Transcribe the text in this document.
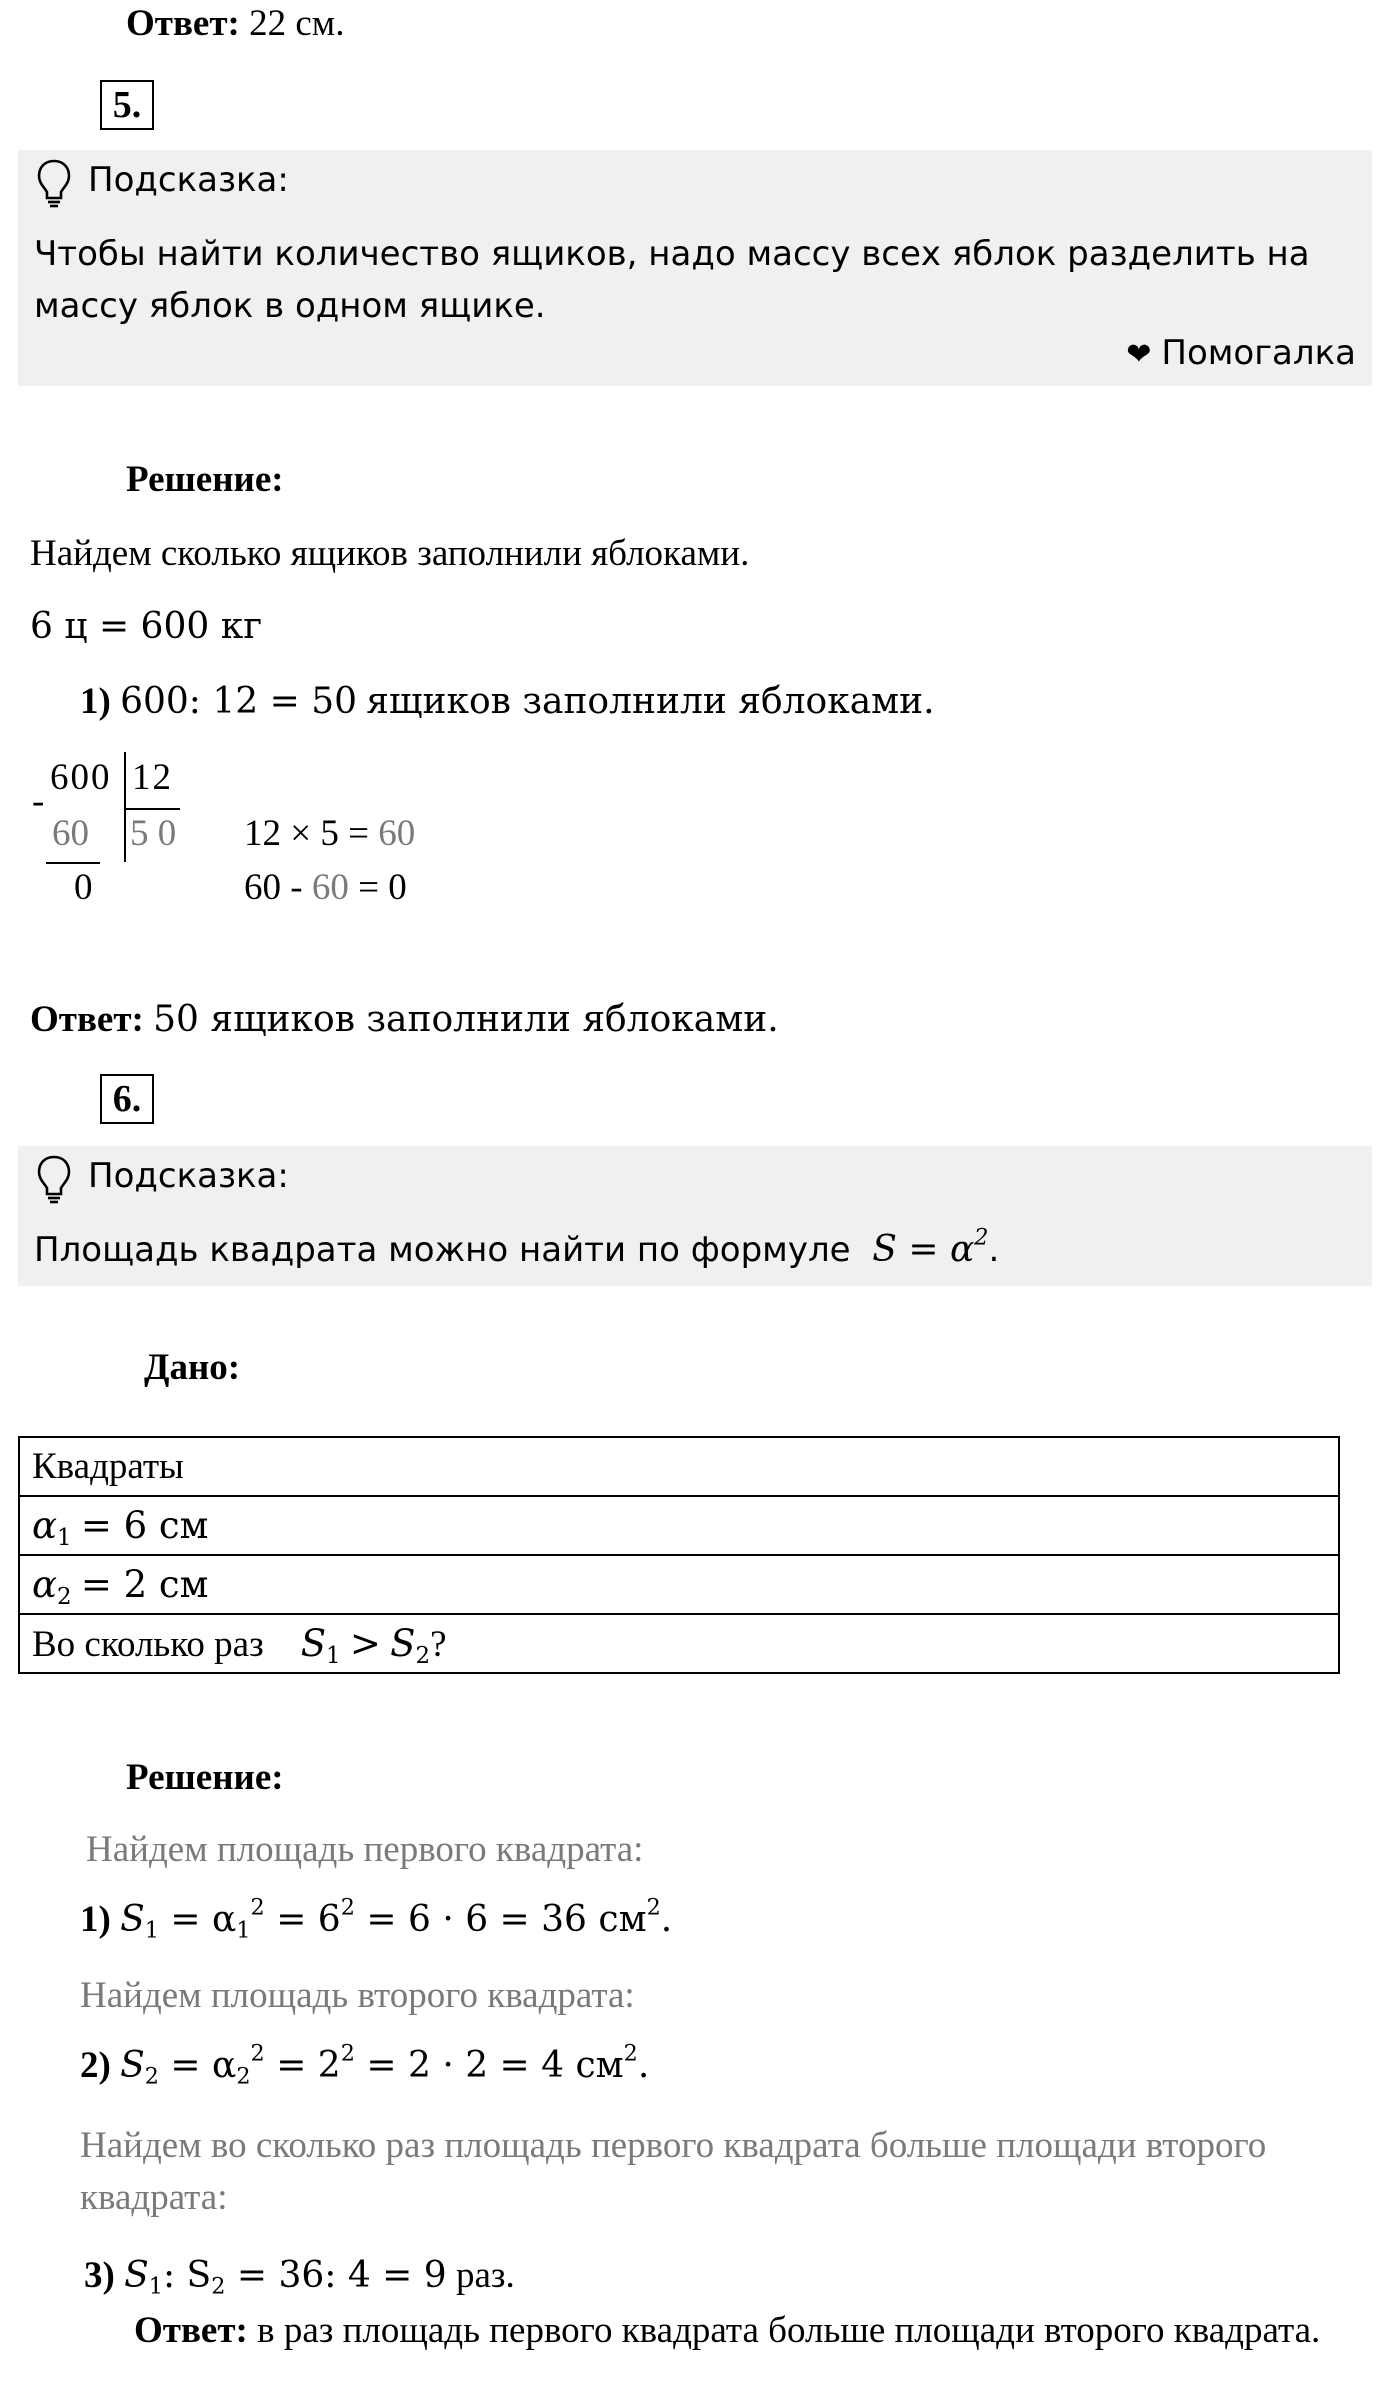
Ответ: 22 см.
5.
Подсказка:
Чтобы найти количество ящиков, надо массу всех яблок разделить на массу яблок в одном ящике.
❤ Помогалка
Решение:
Найдем сколько ящиков заполнили яблоками.
6 ц = 600 кг
1) 600: 12 = 50 ящиков заполнили яблоками.
-
600 12
60 5 0
0
12 × 5 = 60
60 - 60 = 0
Ответ: 50 ящиков заполнили яблоками.
6.
Подсказка:
Площадь квадрата можно найти по формуле $S = \alpha^2$.
Дано:
Квадраты
$\alpha_1 = 6$ см
$\alpha_2 = 2$ см
Во сколько раз $S_1 > S_2$?
Решение:
Найдем площадь первого квадрата:
1) $S_1 = \alpha_1^2 = 6^2 = 6 \cdot 6 = 36$ $см^2$.
Найдем площадь второго квадрата:
2) $S_2 = \alpha_2^2 = 2^2 = 2 \cdot 2 = 4$ $см^2$.
Найдем во сколько раз площадь первого квадрата больше площади второго квадрата:
3) $S_1$: $S_2 = 36$: 4 = 9 раз.
Ответ: в раз площадь первого квадрата больше площади второго квадрата.
